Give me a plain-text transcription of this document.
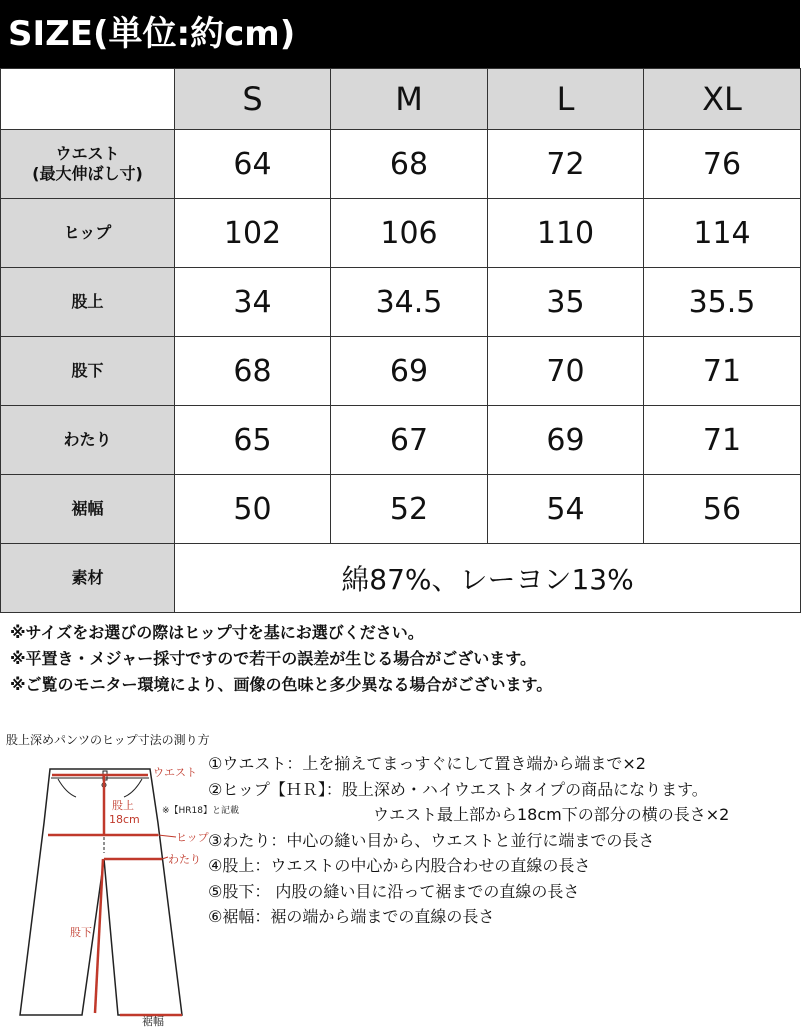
SIZE(単位:約cm)
	S	M	L	XL
ウエスト
(最大伸ばし寸)	64	68	72	76
ヒップ	102	106	110	114
股上	34	34.5	35	35.5
股下	68	69	70	71
わたり	65	67	69	71
裾幅	50	52	54	56
素材	綿87%、レーヨン13%			
※サイズをお選びの際はヒップ寸を基にお選びください。
※平置き・メジャー採寸ですので若干の誤差が生じる場合がございます。
※ご覧のモニター環境により、画像の色味と多少異なる場合がございます。
股上深めパンツのヒップ寸法の測り方
ウエスト
股上
18cm
※【HR18】と記載
ヒップ
わたり
股下
裾幅
①ウエスト：上を揃えてまっすぐにして置き端から端まで×2
②ヒップ【ＨＲ】：股上深め・ハイウエストタイプの商品になります。
ウエスト最上部から18cm下の部分の横の長さ×2
③わたり：中心の縫い目から、ウエストと並行に端までの長さ
④股上：ウエストの中心から内股合わせの直線の長さ
⑤股下： 内股の縫い目に沿って裾までの直線の長さ
⑥裾幅：裾の端から端までの直線の長さ
